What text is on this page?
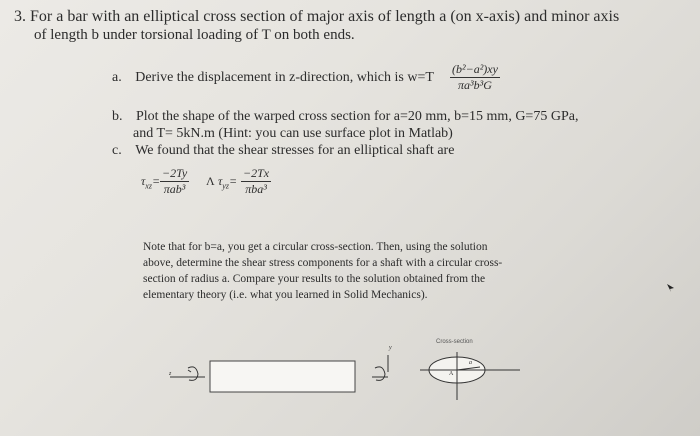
3. For a bar with an elliptical cross section of major axis of length a (on x-axis) and minor axis
of length b under torsional loading of T on both ends.
a. Derive the displacement in z-direction, which is $w=T \frac{\text{(b²−a²)xy}}{\text{πa³b³G}}$
b. Plot the shape of the warped cross section for a=20 mm, b=15 mm, G=75 GPa,
and T= 5kN.m (Hint: you can use surface plot in Matlab)
c. We found that the shear stresses for an elliptical shaft are
$\tau_{xz}=$
−2Ty
πab³
Λ $\tau_{yz}=$
−2Tx
πba³
Note that for b=a, you get a circular cross-section. Then, using the solution
above, determine the shear stress components for a shaft with a circular cross-
section of radius a. Compare your results to the solution obtained from the
elementary theory (i.e. what you learned in Solid Mechanics).
Cross-section
z
y
a
A
